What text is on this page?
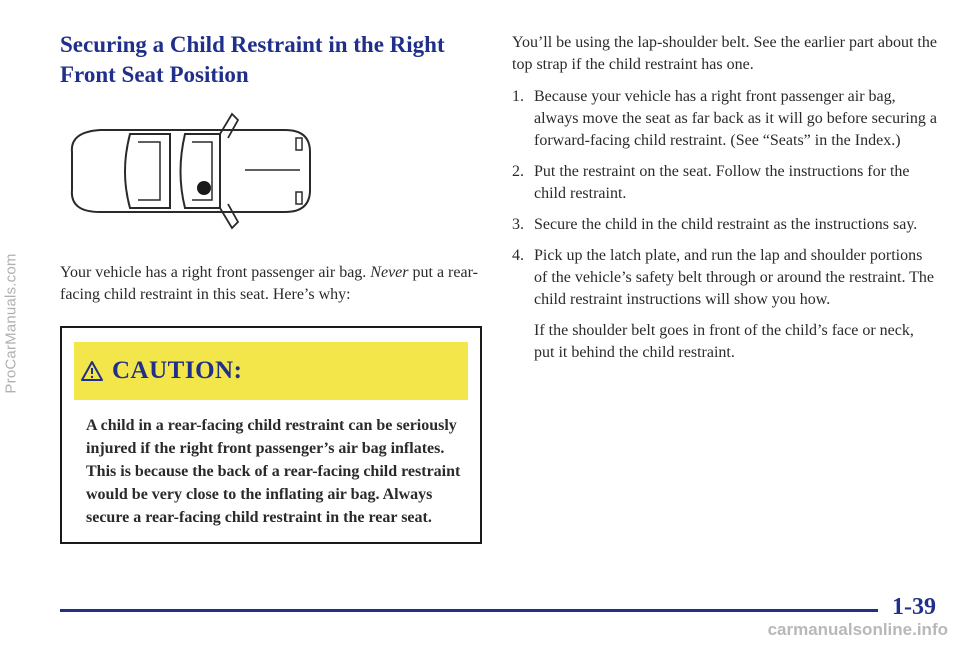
ProCarManuals.com
Securing a Child Restraint in the Right
Front Seat Position

Your vehicle has a right front passenger air bag. Never put a rear-facing child restraint in this seat. Here’s why:

CAUTION:
A child in a rear-facing child restraint can be seriously injured if the right front passenger’s air bag inflates. This is because the back of a rear-facing child restraint would be very close to the inflating air bag. Always secure a rear-facing child restraint in the rear seat.

You’ll be using the lap-shoulder belt. See the earlier part about the top strap if the child restraint has one.

1. Because your vehicle has a right front passenger air bag, always move the seat as far back as it will go before securing a forward-facing child restraint. (See “Seats” in the Index.)
2. Put the restraint on the seat. Follow the instructions for the child restraint.
3. Secure the child in the child restraint as the instructions say.
4. Pick up the latch plate, and run the lap and shoulder portions of the vehicle’s safety belt through or around the restraint. The child restraint instructions will show you how.

If the shoulder belt goes in front of the child’s face or neck, put it behind the child restraint.

1-39
carmanualsonline.info
